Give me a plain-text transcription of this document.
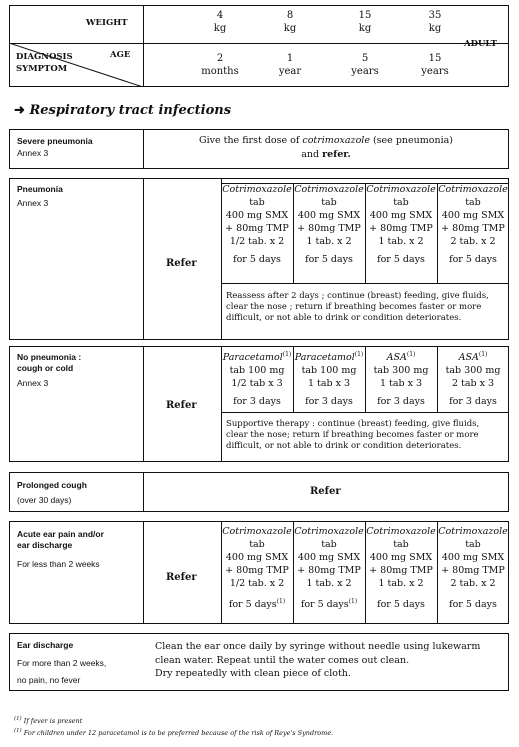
WEIGHT
AGE
DIAGNOSIS
SYMPTOM
ADULT
4
kg
8
kg
15
kg
35
kg
2
months
1
year
5
years
15
years
➜ Respiratory tract infections
Severe pneumonia
Annex 3
Give the first dose of cotrimoxazole (see pneumonia)
and refer.
Pneumonia
Annex 3
Refer
Cotrimoxazole
tab
400 mg SMX
+ 80mg TMP
1/2 tab. x 2
for 5 days
Cotrimoxazole
tab
400 mg SMX
+ 80mg TMP
1 tab. x 2
for 5 days
Cotrimoxazole
tab
400 mg SMX
+ 80mg TMP
1 tab. x 2
for 5 days
Cotrimoxazole
tab
400 mg SMX
+ 80mg TMP
2 tab. x 2
for 5 days
Reassess after 2 days ; continue (breast) feeding, give fluids,
clear the nose ; return if breathing becomes faster or more
difficult, or not able to drink or condition deteriorates.
No pneumonia :
cough or cold
Annex 3
Refer
Paracetamol$^{(1)}$
tab 100 mg
1/2 tab x 3
for 3 days
Paracetamol$^{(1)}$
tab 100 mg
1 tab x 3
for 3 days
ASA$^{(1)}$
tab 300 mg
1 tab x 3
for 3 days
ASA$^{(1)}$
tab 300 mg
2 tab x 3
for 3 days
Supportive therapy : continue (breast) feeding, give fluids,
clear the nose; return if breathing becomes faster or more
difficult, or not able to drink or condition deteriorates.
Prolonged cough
(over 30 days)
Refer
Acute ear pain and/or
ear discharge
For less than 2 weeks
Refer
Cotrimoxazole
tab
400 mg SMX
+ 80mg TMP
1/2 tab. x 2
for 5 days$^{(1)}$
Cotrimoxazole
tab
400 mg SMX
+ 80mg TMP
1 tab. x 2
for 5 days$^{(1)}$
Cotrimoxazole
tab
400 mg SMX
+ 80mg TMP
1 tab. x 2
for 5 days
Cotrimoxazole
tab
400 mg SMX
+ 80mg TMP
2 tab. x 2
for 5 days
Ear discharge
For more than 2 weeks,
no pain, no fever
Clean the ear once daily by syringe without needle using lukewarm
clean water. Repeat until the water comes out clean.
Dry repeatedly with clean piece of cloth.
$^{(1)}$ If fever is present
$^{(1)}$ For children under 12 paracetamol is to be preferred because of the risk of Reye's Syndrome.
